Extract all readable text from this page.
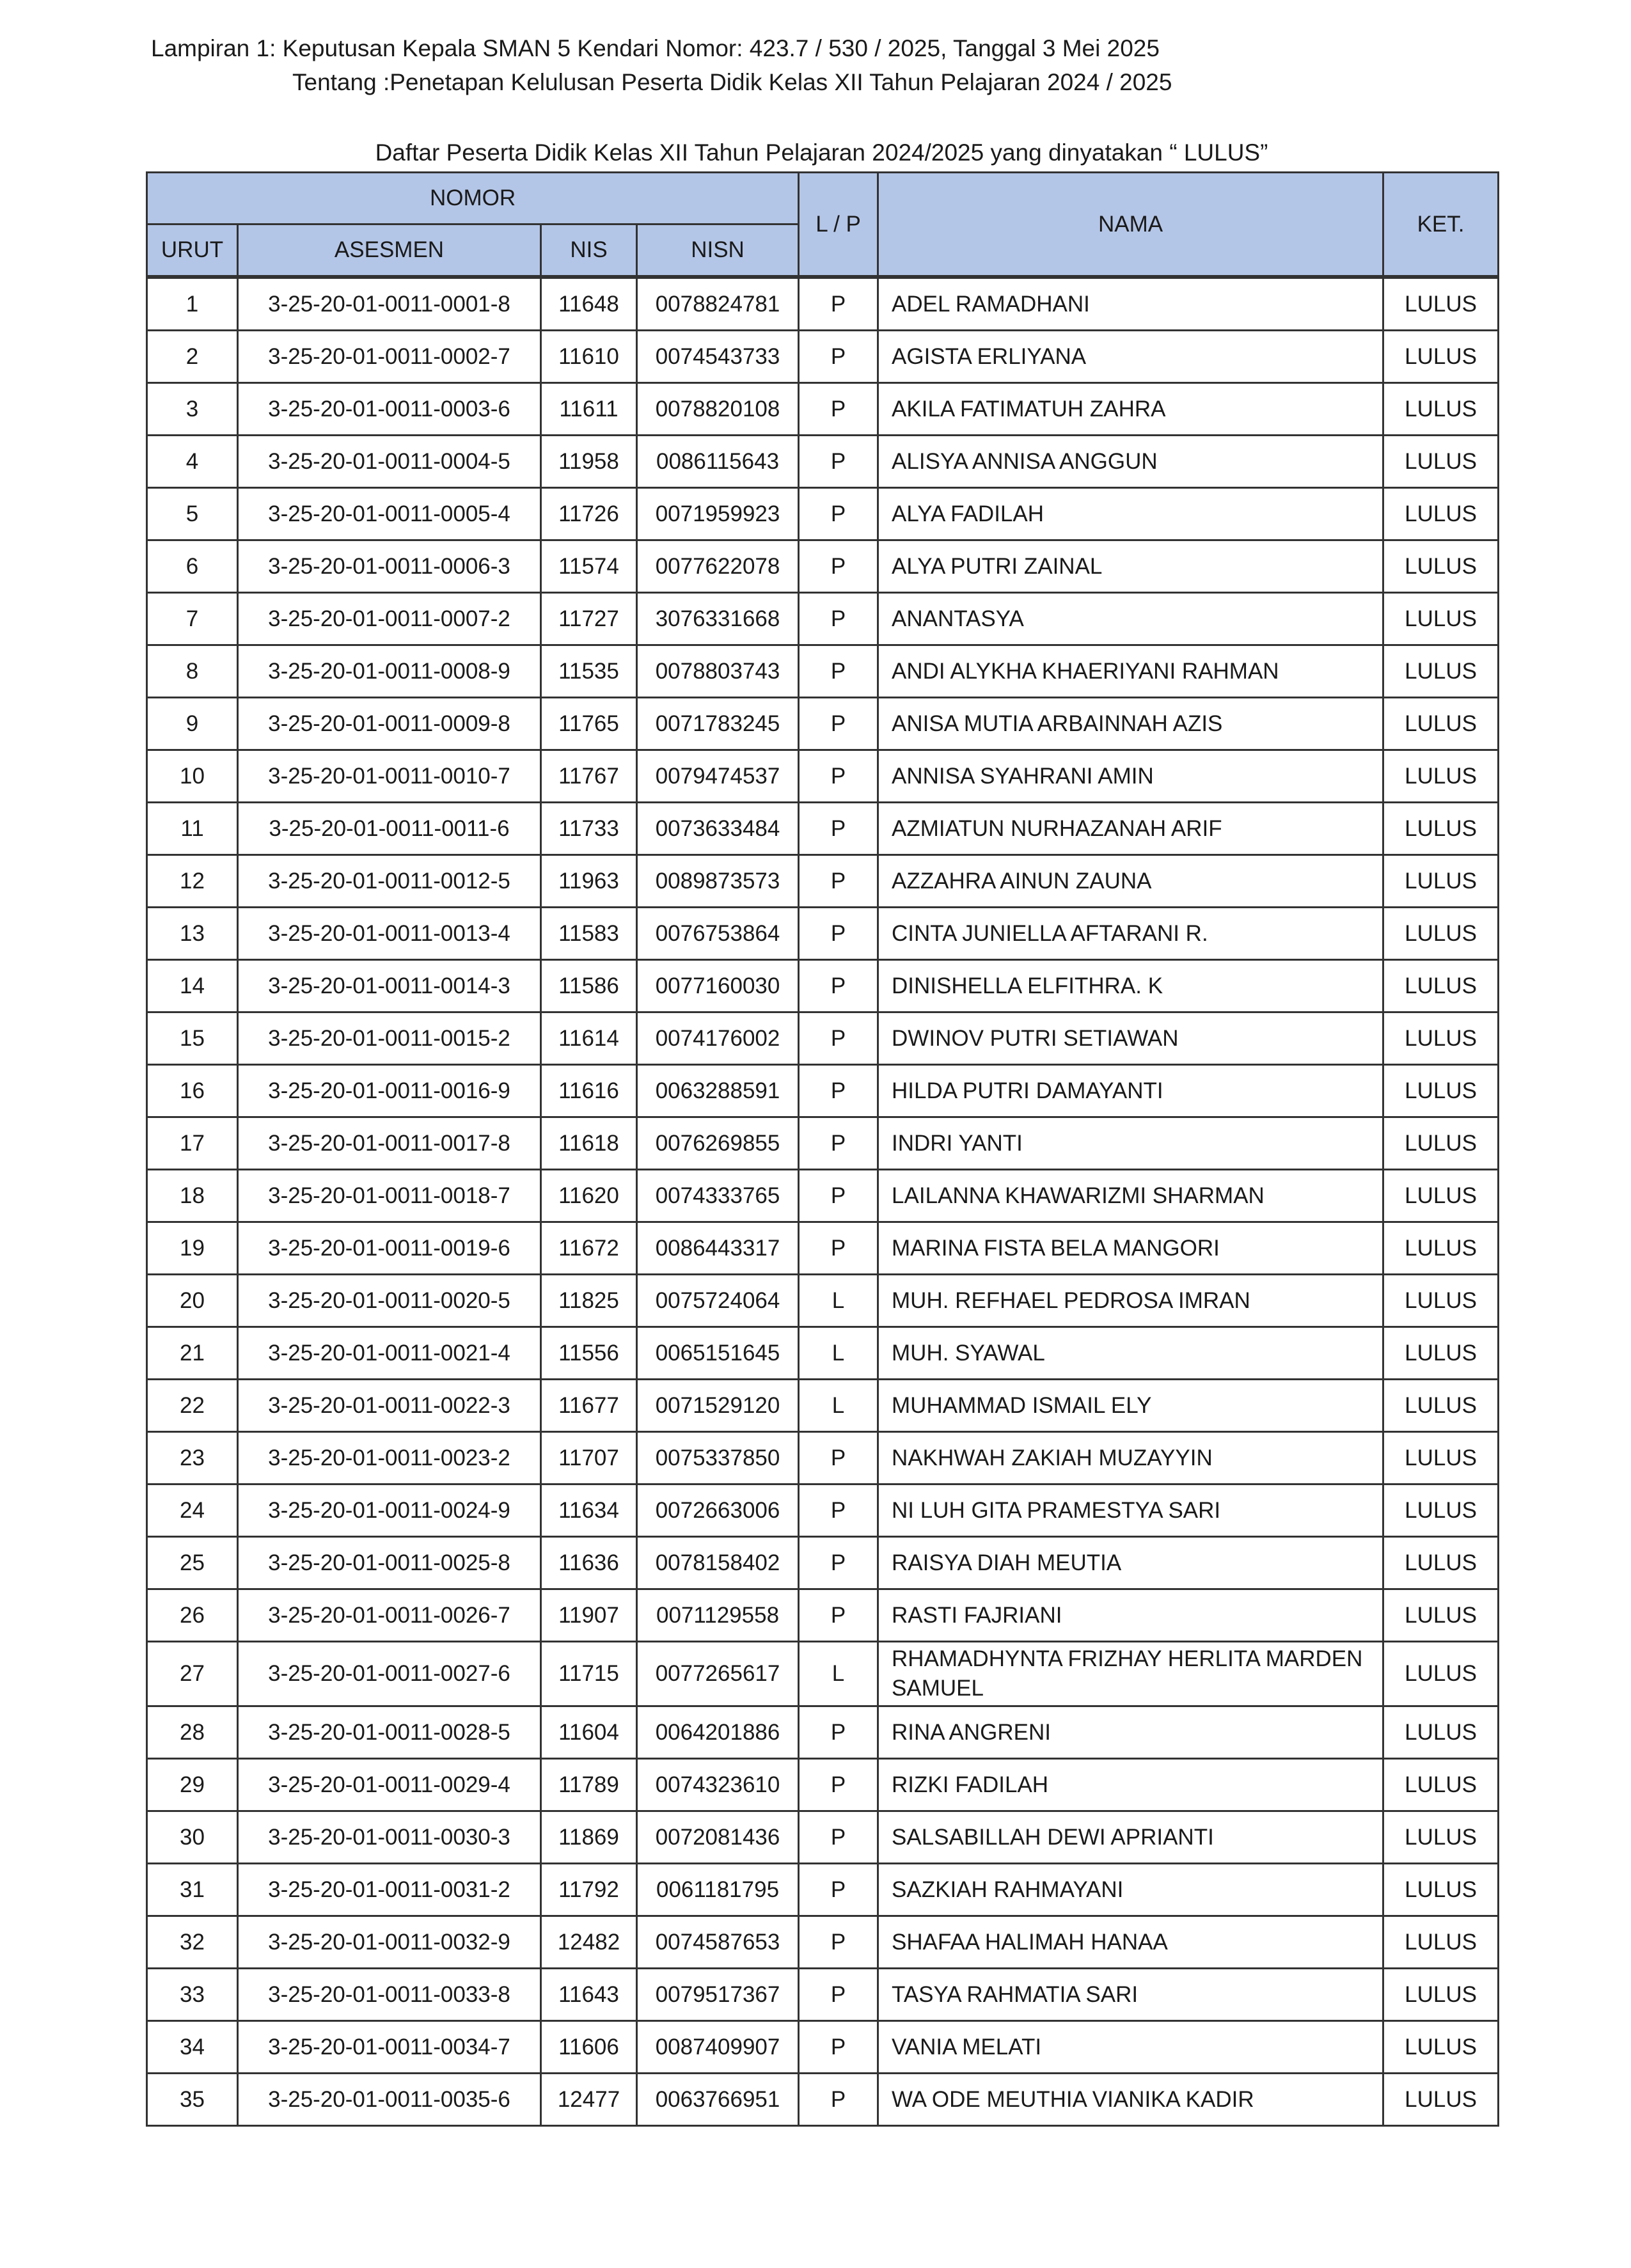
Lampiran 1: Keputusan Kepala SMAN 5 Kendari Nomor: 423.7 / 530 / 2025, Tanggal 3 Mei 2025
Tentang :Penetapan Kelulusan Peserta Didik Kelas XII Tahun Pelajaran 2024 / 2025
Daftar Peserta Didik Kelas XII Tahun Pelajaran 2024/2025 yang dinyatakan “ LULUS”
NOMOR				L / P	NAMA	KET.
URUT	ASESMEN	NIS	NISN			
1	3-25-20-01-0011-0001-8	11648	0078824781	P	ADEL RAMADHANI	LULUS
2	3-25-20-01-0011-0002-7	11610	0074543733	P	AGISTA ERLIYANA	LULUS
3	3-25-20-01-0011-0003-6	11611	0078820108	P	AKILA FATIMATUH ZAHRA	LULUS
4	3-25-20-01-0011-0004-5	11958	0086115643	P	ALISYA ANNISA ANGGUN	LULUS
5	3-25-20-01-0011-0005-4	11726	0071959923	P	ALYA FADILAH	LULUS
6	3-25-20-01-0011-0006-3	11574	0077622078	P	ALYA PUTRI ZAINAL	LULUS
7	3-25-20-01-0011-0007-2	11727	3076331668	P	ANANTASYA	LULUS
8	3-25-20-01-0011-0008-9	11535	0078803743	P	ANDI ALYKHA KHAERIYANI RAHMAN	LULUS
9	3-25-20-01-0011-0009-8	11765	0071783245	P	ANISA MUTIA ARBAINNAH AZIS	LULUS
10	3-25-20-01-0011-0010-7	11767	0079474537	P	ANNISA SYAHRANI AMIN	LULUS
11	3-25-20-01-0011-0011-6	11733	0073633484	P	AZMIATUN NURHAZANAH ARIF	LULUS
12	3-25-20-01-0011-0012-5	11963	0089873573	P	AZZAHRA AINUN ZAUNA	LULUS
13	3-25-20-01-0011-0013-4	11583	0076753864	P	CINTA JUNIELLA AFTARANI R.	LULUS
14	3-25-20-01-0011-0014-3	11586	0077160030	P	DINISHELLA ELFITHRA. K	LULUS
15	3-25-20-01-0011-0015-2	11614	0074176002	P	DWINOV PUTRI SETIAWAN	LULUS
16	3-25-20-01-0011-0016-9	11616	0063288591	P	HILDA PUTRI DAMAYANTI	LULUS
17	3-25-20-01-0011-0017-8	11618	0076269855	P	INDRI YANTI	LULUS
18	3-25-20-01-0011-0018-7	11620	0074333765	P	LAILANNA KHAWARIZMI SHARMAN	LULUS
19	3-25-20-01-0011-0019-6	11672	0086443317	P	MARINA FISTA BELA MANGORI	LULUS
20	3-25-20-01-0011-0020-5	11825	0075724064	L	MUH. REFHAEL PEDROSA IMRAN	LULUS
21	3-25-20-01-0011-0021-4	11556	0065151645	L	MUH. SYAWAL	LULUS
22	3-25-20-01-0011-0022-3	11677	0071529120	L	MUHAMMAD ISMAIL ELY	LULUS
23	3-25-20-01-0011-0023-2	11707	0075337850	P	NAKHWAH ZAKIAH MUZAYYIN	LULUS
24	3-25-20-01-0011-0024-9	11634	0072663006	P	NI LUH GITA PRAMESTYA SARI	LULUS
25	3-25-20-01-0011-0025-8	11636	0078158402	P	RAISYA DIAH MEUTIA	LULUS
26	3-25-20-01-0011-0026-7	11907	0071129558	P	RASTI FAJRIANI	LULUS
27	3-25-20-01-0011-0027-6	11715	0077265617	L	RHAMADHYNTA FRIZHAY HERLITA MARDEN SAMUEL	LULUS
28	3-25-20-01-0011-0028-5	11604	0064201886	P	RINA ANGRENI	LULUS
29	3-25-20-01-0011-0029-4	11789	0074323610	P	RIZKI FADILAH	LULUS
30	3-25-20-01-0011-0030-3	11869	0072081436	P	SALSABILLAH DEWI APRIANTI	LULUS
31	3-25-20-01-0011-0031-2	11792	0061181795	P	SAZKIAH RAHMAYANI	LULUS
32	3-25-20-01-0011-0032-9	12482	0074587653	P	SHAFAA HALIMAH HANAA	LULUS
33	3-25-20-01-0011-0033-8	11643	0079517367	P	TASYA RAHMATIA SARI	LULUS
34	3-25-20-01-0011-0034-7	11606	0087409907	P	VANIA MELATI	LULUS
35	3-25-20-01-0011-0035-6	12477	0063766951	P	WA ODE MEUTHIA VIANIKA KADIR	LULUS
